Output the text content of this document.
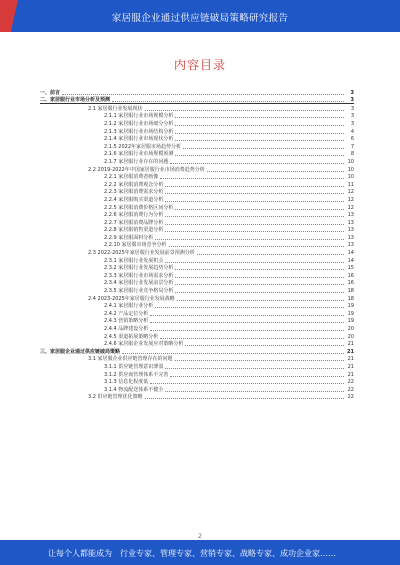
家居服企业通过供应链破局策略研究报告
内容目录
一、前言	3
二、家居服行业市场分析及预测	3
2.1 家居服行业发展现状	3
2.1.1 家居服行业市场规模分析	3
2.1.2 家居服行业市场细分分析	3
2.1.3 家居服行业市场结构分析	4
2.1.4 家居服行业市场现状分析	6
2.1.5 2022年家居服市场趋势分析	7
2.1.6 家居服行业市场规模预测	8
2.1.7 家居服行业存在的问题	10
2.2 2019-2022年中国家居服行业市场消费趋势分析	10
2.2.1 家居服消费者画像	10
2.2.2 家居服消费观念分析	11
2.2.3 家居服消费需求分析	12
2.2.4 家居服购买渠道分析	12
2.2.5 家居服消费价格区间分析	12
2.2.6 家居服消费行为分析	13
2.2.7 家居服消费品牌分析	13
2.2.8 家居服销售渠道分析	13
2.2.9 家居服面料分析	13
2.2.10 家居服市场竞争分析	13
2.3 2022-2025年家居服行业发展前景预测分析	14
2.3.1 家居服行业发展机会	14
2.3.2 家居服行业发展趋势分析	15
2.3.3 家居服行业市场需求分析	16
2.3.4 家居服行业发展前景分析	16
2.3.5 家居服行业竞争格局分析	18
2.4 2023-2025年家居服行业发展战略	18
2.4.1 家居服行业分析	19
2.4.2 产品定位分析	19
2.4.3 营销策略分析	19
2.4.4 品牌建设分析	20
2.4.5 渠道拓展策略分析	20
2.4.6 家居服企业发展应对策略分析	21
三、家居服企业通过供应链破局策略	21
3.1 家居服企业供应链管理存在的问题	21
3.1.1 供应链管理意识薄弱	21
3.1.2 供应商管理体系不完善	21
3.1.3 信息化程度低	22
3.1.4 物流配送体系不健全	22
3.2 供应链管理优化策略	22
2
让每个人都能成为　行业专家、管理专家、营销专家、战略专家、成功企业家……
